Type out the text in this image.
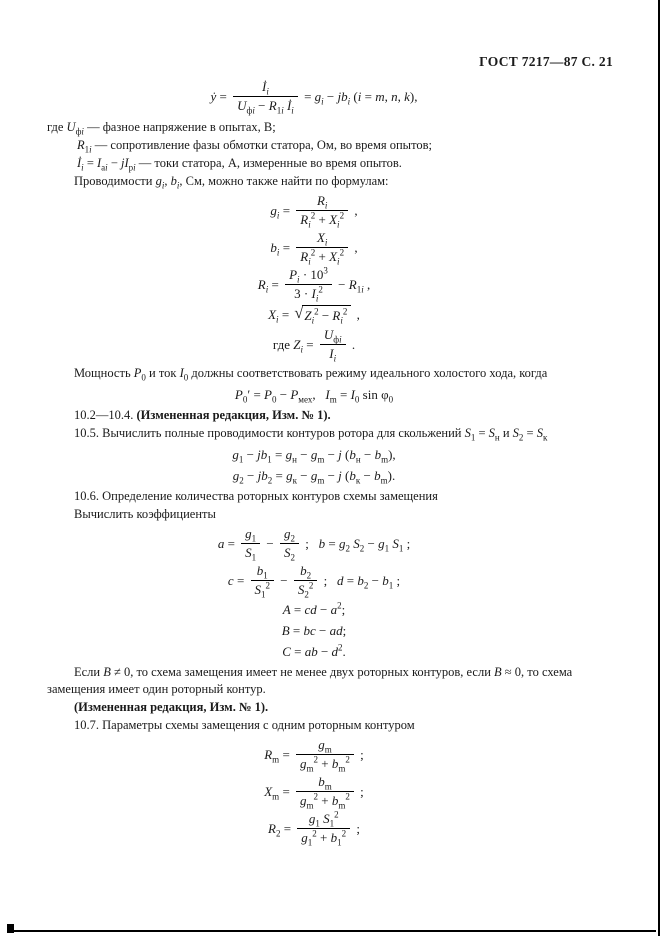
ГОСТ 7217—87 С. 21
ẏ = $\frac{İ_i}{U_{фi} - R_{1i} İ_i} = g_i - jb_i$ (i = m, n, k),

где $U_{фi}$ — фазное напряжение в опытах, В;

$R_{1i}$ — сопротивление фазы обмотки статора, Ом, во время опытов;

$İ_i = I_{ai} - jI_{pi}$ — токи статора, А, измеренные во время опытов.

Проводимости $g_i$, $b_i$, См, можно также найти по формулам:

$g_i = \frac{R_i}{R_i^2 + X_i^2}$ ,
$b_i = \frac{X_i}{R_i^2 + X_i^2}$ ,
$R_i = \frac{P_i \cdot 10^3}{3 \cdot I_i^2} - R_{1i}$ ,
$X_i$ = √ $Z_i^2 - R_i^2$ ,
где $Z_i = \frac{U_{фi}}{I_i}$ .

Мощность $P_0$ и ток $I_0$ должны соответствовать режиму идеального холостого хода, когда

$P_0' = P_0 - P_{мех}$,   $I_m = I_0$ $\sin \varphi_0$

10.2—10.4. (Измененная редакция, Изм. № 1).

10.5. Вычислить полные проводимости контуров ротора для скольжений $S_1 = S_н$ и $S_2 = S_к$

$g_1 - jb_1 = g_н - g_m - j$ $(b_н - b_m)$,
$g_2 - jb_2 = g_к - g_m - j$ $(b_к - b_m)$.

10.6. Определение количества роторных контуров схемы замещения

Вычислить коэффициенты

$a = \frac{g_1}{S_1} - \frac{g_2}{S_2}$ ;   $b = g_2$ $S_2 - g_1$ $S_1$ ;
$c = \frac{b_1}{S_1^2} - \frac{b_2}{S_2^2}$ ;   $d = b_2 - b_1$ ;
A = cd − $a^2$;
B = bc − ad;
C = ab − $d^2$.

Если B ≠ 0, то схема замещения имеет не менее двух роторных контуров, если B ≈ 0, то схема замещения имеет один роторный контур.

(Измененная редакция, Изм. № 1).

10.7. Параметры схемы замещения с одним роторным контуром

$R_m = \frac{g_m}{g_m^2 + b_m^2}$ ;
$X_m = \frac{b_m}{g_m^2 + b_m^2}$ ;
$R_2 = \frac{g_1 S_1^2}{g_1^2 + b_1^2}$ ;
